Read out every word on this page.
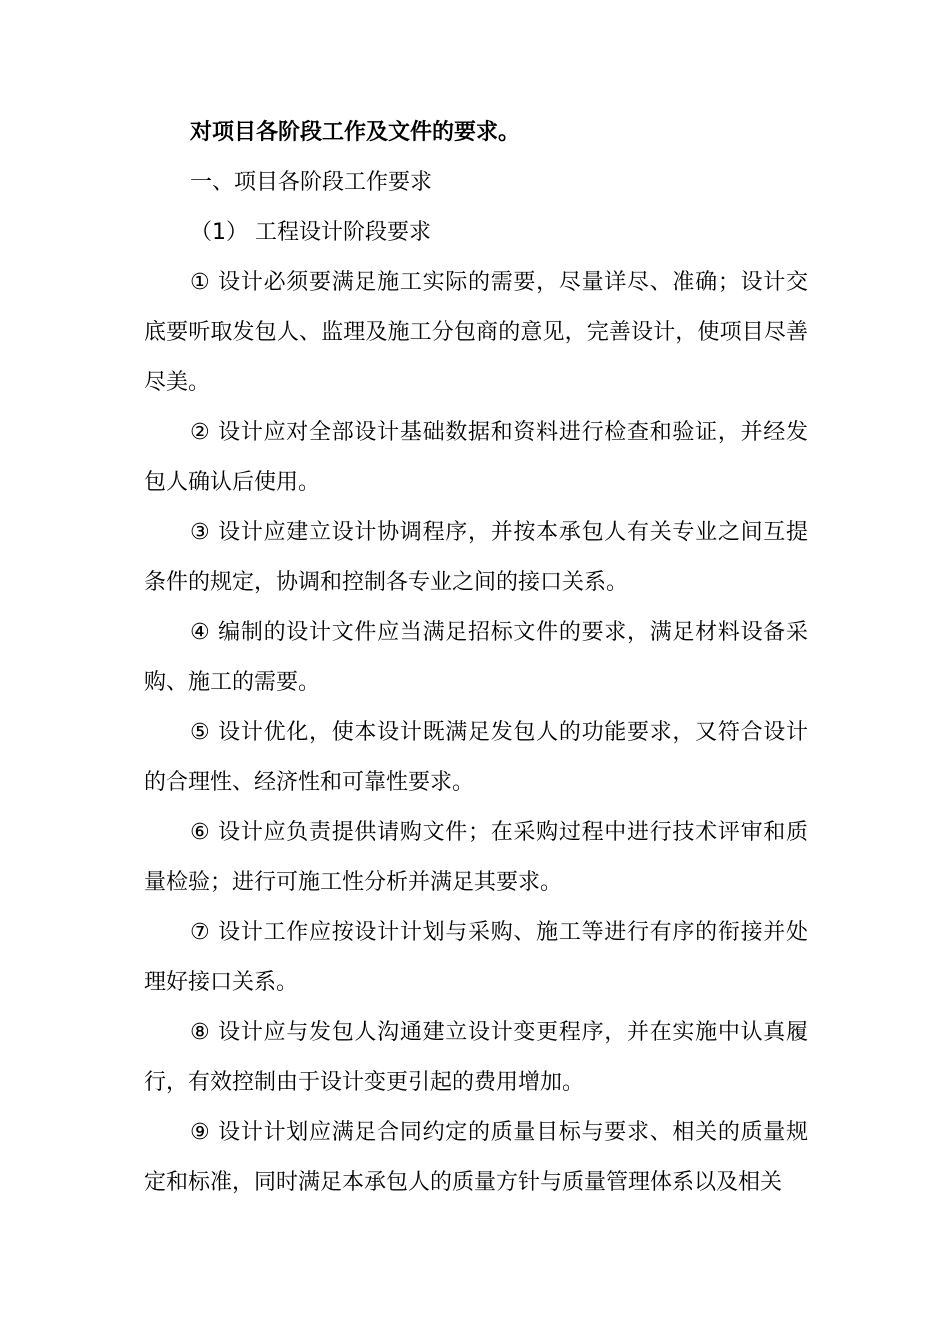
对项目各阶段工作及文件的要求。

一、项目各阶段工作要求

（1） 工程设计阶段要求

① 设计必须要满足施工实际的需要，尽量详尽、准确；设计交底要听取发包人、监理及施工分包商的意见，完善设计，使项目尽善尽美。

② 设计应对全部设计基础数据和资料进行检查和验证，并经发包人确认后使用。

③ 设计应建立设计协调程序，并按本承包人有关专业之间互提条件的规定，协调和控制各专业之间的接口关系。

④ 编制的设计文件应当满足招标文件的要求，满足材料设备采购、施工的需要。

⑤ 设计优化，使本设计既满足发包人的功能要求，又符合设计的合理性、经济性和可靠性要求。

⑥ 设计应负责提供请购文件；在采购过程中进行技术评审和质量检验；进行可施工性分析并满足其要求。

⑦ 设计工作应按设计计划与采购、施工等进行有序的衔接并处理好接口关系。

⑧ 设计应与发包人沟通建立设计变更程序，并在实施中认真履行，有效控制由于设计变更引起的费用增加。

⑨ 设计计划应满足合同约定的质量目标与要求、相关的质量规定和标准，同时满足本承包人的质量方针与质量管理体系以及相关
